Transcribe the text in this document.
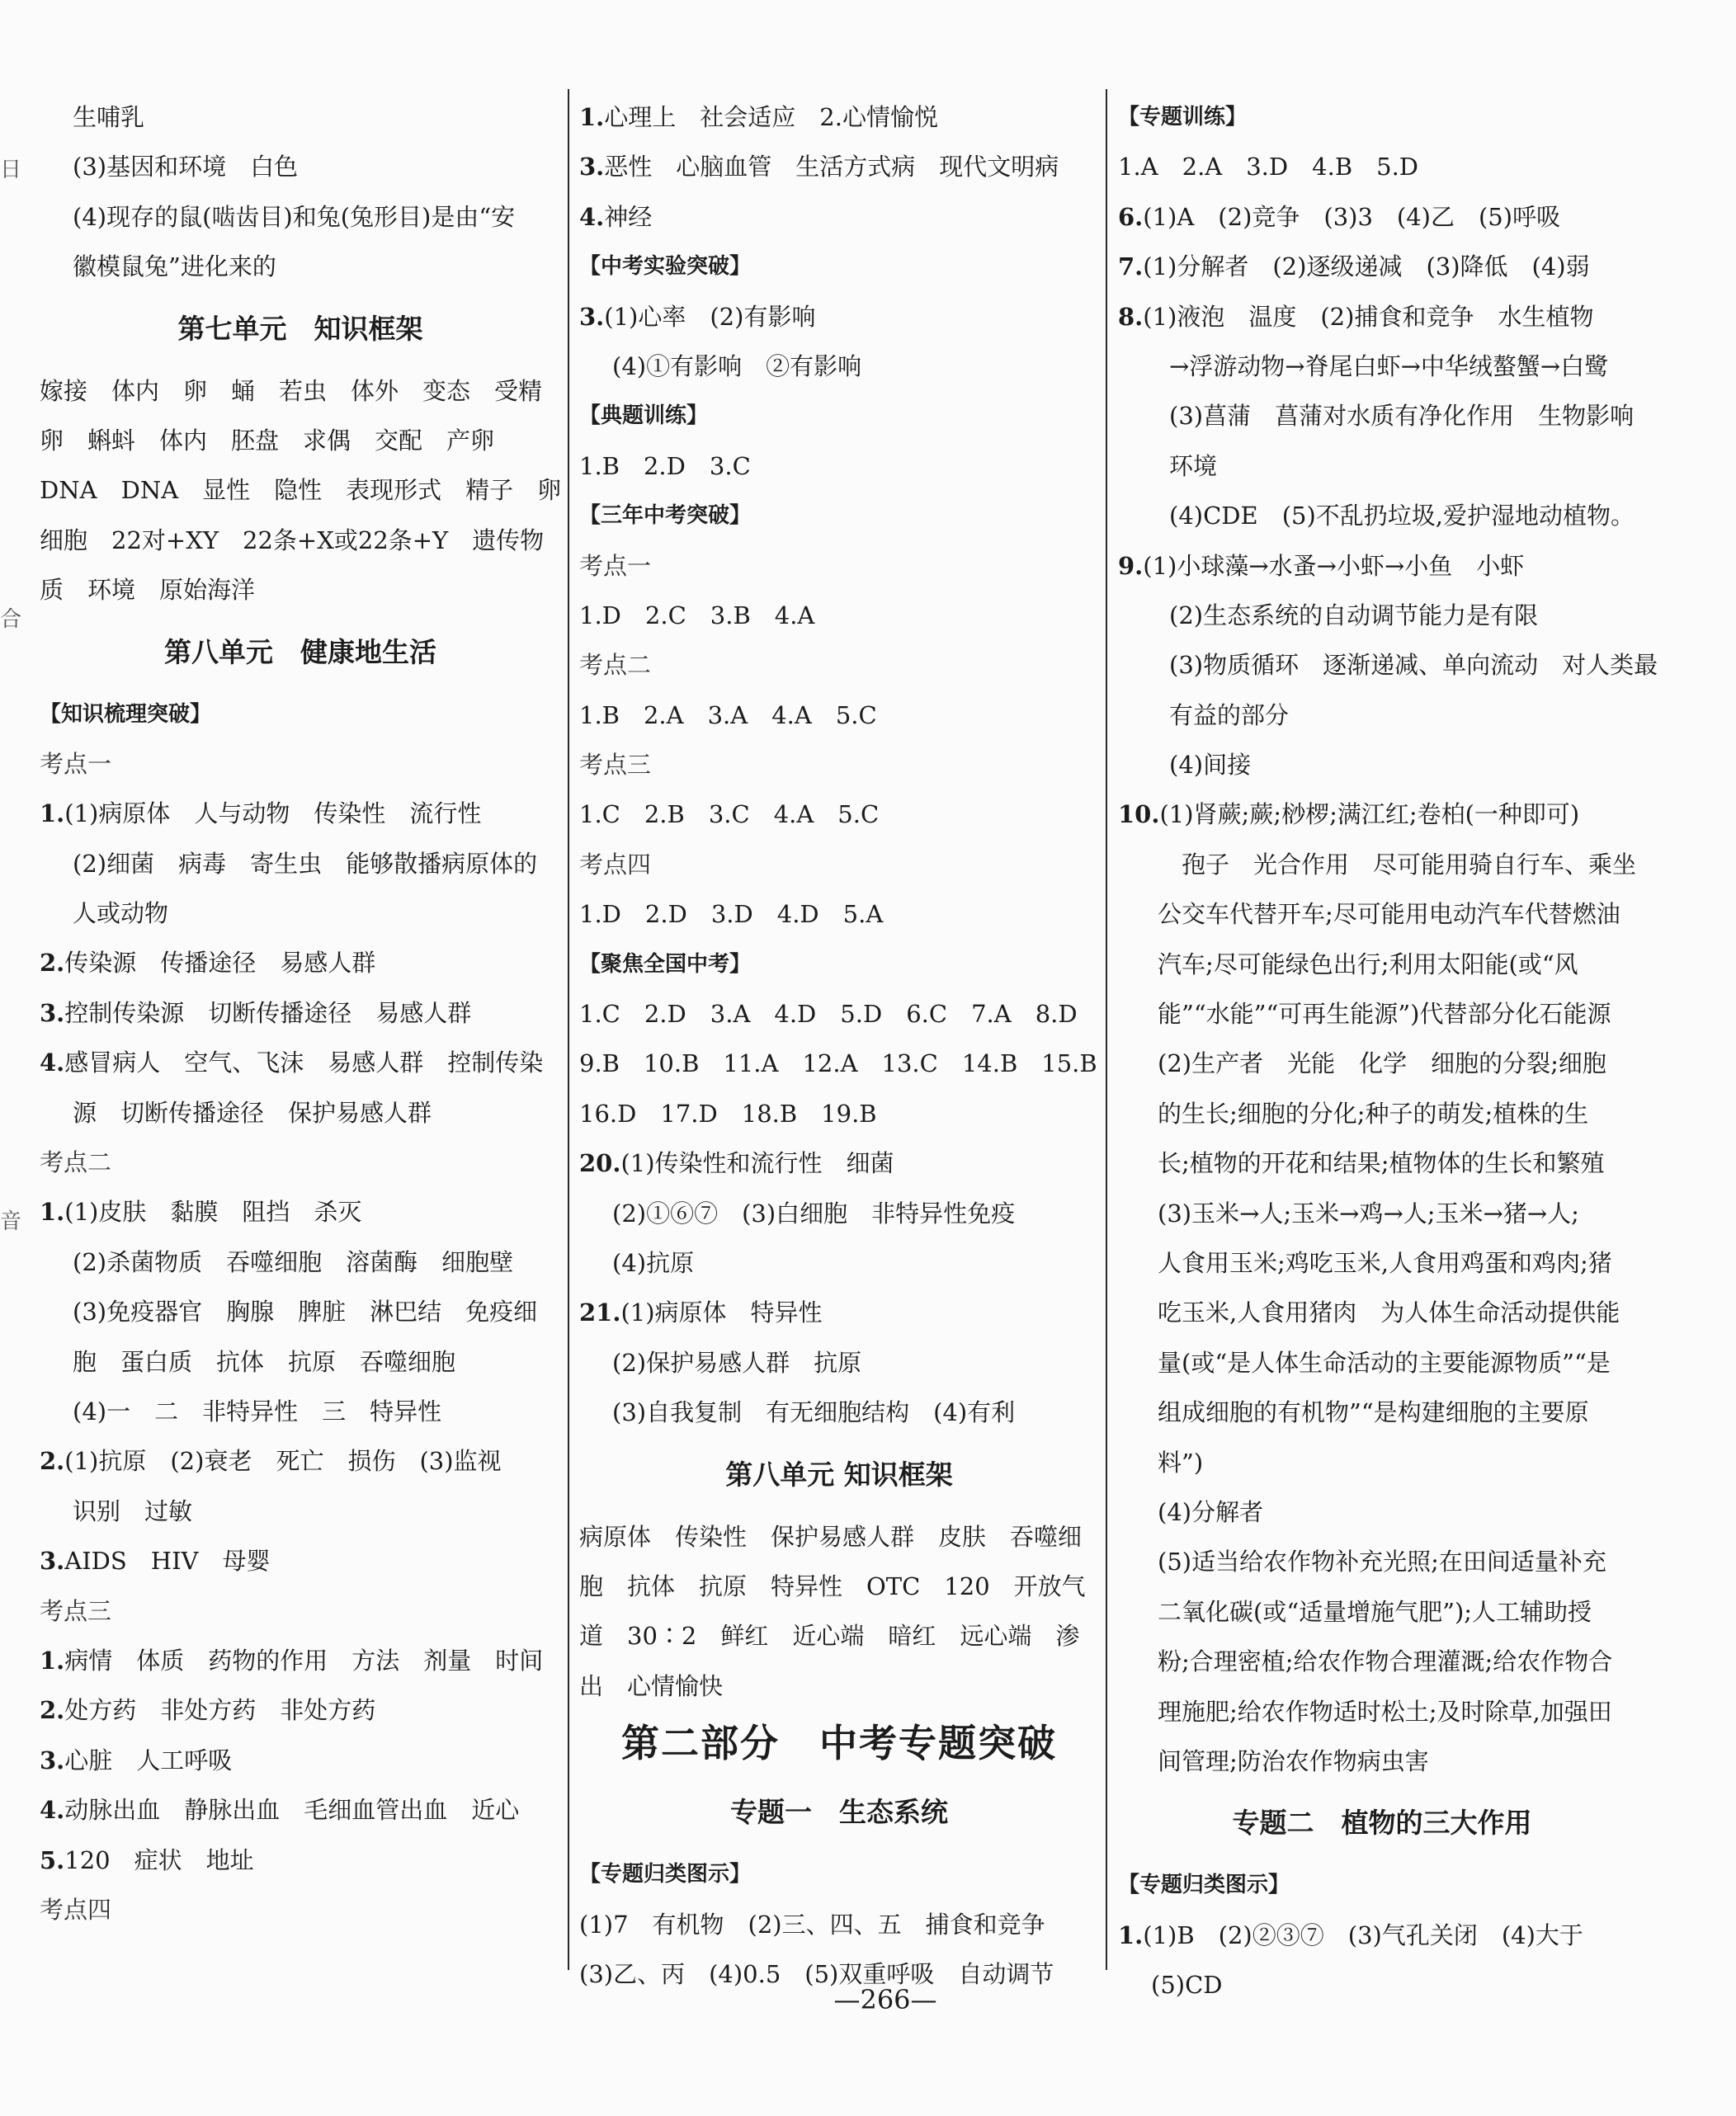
日
合
音
生哺乳
(3)基因和环境　白色
(4)现存的鼠(啮齿目)和兔(兔形目)是由“安
徽模鼠兔”进化来的
第七单元　知识框架
嫁接　体内　卵　蛹　若虫　体外　变态　受精
卵　蝌蚪　体内　胚盘　求偶　交配　产卵
DNA　DNA　显性　隐性　表现形式　精子　卵
细胞　22对+XY　22条+X或22条+Y　遗传物
质　环境　原始海洋
第八单元　健康地生活
【知识梳理突破】
考点一
1.(1)病原体　人与动物　传染性　流行性
(2)细菌　病毒　寄生虫　能够散播病原体的
人或动物
2.传染源　传播途径　易感人群
3.控制传染源　切断传播途径　易感人群
4.感冒病人　空气、飞沫　易感人群　控制传染
源　切断传播途径　保护易感人群
考点二
1.(1)皮肤　黏膜　阻挡　杀灭
(2)杀菌物质　吞噬细胞　溶菌酶　细胞壁
(3)免疫器官　胸腺　脾脏　淋巴结　免疫细
胞　蛋白质　抗体　抗原　吞噬细胞
(4)一　二　非特异性　三　特异性
2.(1)抗原　(2)衰老　死亡　损伤　(3)监视
识别　过敏
3.AIDS　HIV　母婴
考点三
1.病情　体质　药物的作用　方法　剂量　时间
2.处方药　非处方药　非处方药
3.心脏　人工呼吸
4.动脉出血　静脉出血　毛细血管出血　近心
5.120　症状　地址
考点四
1.心理上　社会适应　2.心情愉悦
3.恶性　心脑血管　生活方式病　现代文明病
4.神经
【中考实验突破】
3.(1)心率　(2)有影响
(4)①有影响　②有影响
【典题训练】
1.B　2.D　3.C
【三年中考突破】
考点一
1.D　2.C　3.B　4.A
考点二
1.B　2.A　3.A　4.A　5.C
考点三
1.C　2.B　3.C　4.A　5.C
考点四
1.D　2.D　3.D　4.D　5.A
【聚焦全国中考】
1.C　2.D　3.A　4.D　5.D　6.C　7.A　8.D
9.B　10.B　11.A　12.A　13.C　14.B　15.B
16.D　17.D　18.B　19.B
20.(1)传染性和流行性　细菌
(2)①⑥⑦　(3)白细胞　非特异性免疫
(4)抗原
21.(1)病原体　特异性
(2)保护易感人群　抗原
(3)自我复制　有无细胞结构　(4)有利
第八单元 知识框架
病原体　传染性　保护易感人群　皮肤　吞噬细
胞　抗体　抗原　特异性　OTC　120　开放气
道　30∶2　鲜红　近心端　暗红　远心端　渗
出　心情愉快
第二部分　中考专题突破
专题一　生态系统
【专题归类图示】
(1)7　有机物　(2)三、四、五　捕食和竞争
(3)乙、丙　(4)0.5　(5)双重呼吸　自动调节
【专题训练】
1.A　2.A　3.D　4.B　5.D
6.(1)A　(2)竞争　(3)3　(4)乙　(5)呼吸
7.(1)分解者　(2)逐级递减　(3)降低　(4)弱
8.(1)液泡　温度　(2)捕食和竞争　水生植物
→浮游动物→脊尾白虾→中华绒螯蟹→白鹭
(3)菖蒲　菖蒲对水质有净化作用　生物影响
环境
(4)CDE　(5)不乱扔垃圾,爱护湿地动植物。
9.(1)小球藻→水蚤→小虾→小鱼　小虾
(2)生态系统的自动调节能力是有限
(3)物质循环　逐渐递减、单向流动　对人类最
有益的部分
(4)间接
10.(1)肾蕨;蕨;桫椤;满江红;卷柏(一种即可)
　孢子　光合作用　尽可能用骑自行车、乘坐
公交车代替开车;尽可能用电动汽车代替燃油
汽车;尽可能绿色出行;利用太阳能(或“风
能”“水能”“可再生能源”)代替部分化石能源
(2)生产者　光能　化学　细胞的分裂;细胞
的生长;细胞的分化;种子的萌发;植株的生
长;植物的开花和结果;植物体的生长和繁殖
(3)玉米→人;玉米→鸡→人;玉米→猪→人;
人食用玉米;鸡吃玉米,人食用鸡蛋和鸡肉;猪
吃玉米,人食用猪肉　为人体生命活动提供能
量(或“是人体生命活动的主要能源物质”“是
组成细胞的有机物”“是构建细胞的主要原
料”)
(4)分解者
(5)适当给农作物补充光照;在田间适量补充
二氧化碳(或“适量增施气肥”);人工辅助授
粉;合理密植;给农作物合理灌溉;给农作物合
理施肥;给农作物适时松土;及时除草,加强田
间管理;防治农作物病虫害
专题二　植物的三大作用
【专题归类图示】
1.(1)B　(2)②③⑦　(3)气孔关闭　(4)大于
(5)CD
—266—
